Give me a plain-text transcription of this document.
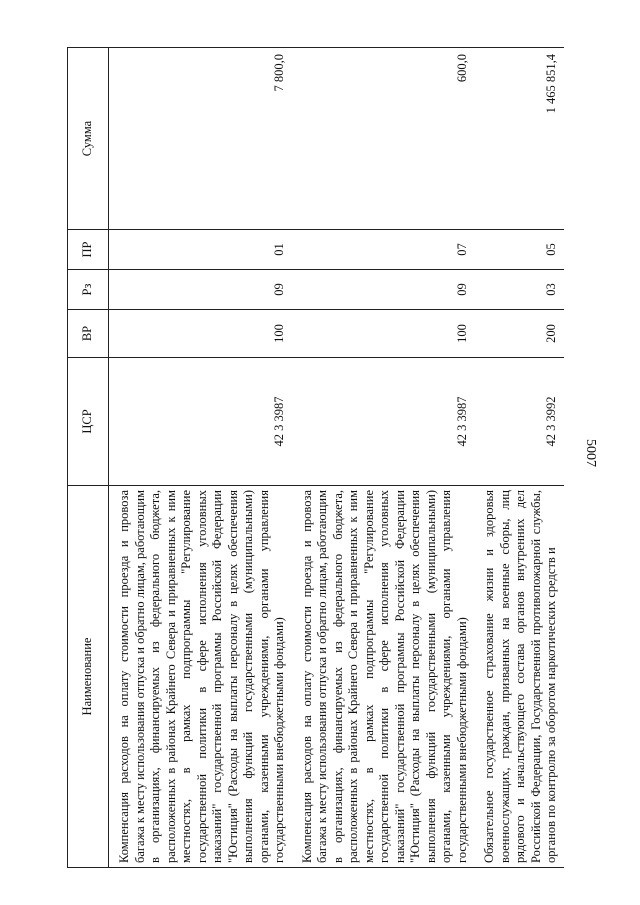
5007
Наименование	ЦСР	ВР	Рз	ПР	Сумма
Компенсация расходов на оплату стоимости проезда и провоза багажа к месту использования отпуска и обратно лицам, работающим в организациях, финансируемых из федерального бюджета, расположенных в районах Крайнего Севера и приравненных к ним местностях, в рамках подпрограммы "Регулирование государственной политики в сфере исполнения уголовных наказаний" государственной программы Российской Федерации "Юстиция" (Расходы на выплаты персоналу в целях обеспечения выполнения функций государственными (муниципальными) органами, казенными учреждениями, органами управления государственными внебюджетными фондами)	42 3 3987	100	09	01	7 800,0
Компенсация расходов на оплату стоимости проезда и провоза багажа к месту использования отпуска и обратно лицам, работающим в организациях, финансируемых из федерального бюджета, расположенных в районах Крайнего Севера и приравненных к ним местностях, в рамках подпрограммы "Регулирование государственной политики в сфере исполнения уголовных наказаний" государственной программы Российской Федерации "Юстиция" (Расходы на выплаты персоналу в целях обеспечения выполнения функций государственными (муниципальными) органами, казенными учреждениями, органами управления государственными внебюджетными фондами)	42 3 3987	100	09	07	600,0
Обязательное государственное страхование жизни и здоровья военнослужащих, граждан, призванных на военные сборы, лиц рядового и начальствующего состава органов внутренних дел Российской Федерации, Государственной противопожарной службы, органов по контролю за оборотом наркотических средств и	42 3 3992	200	03	05	1 465 851,4
